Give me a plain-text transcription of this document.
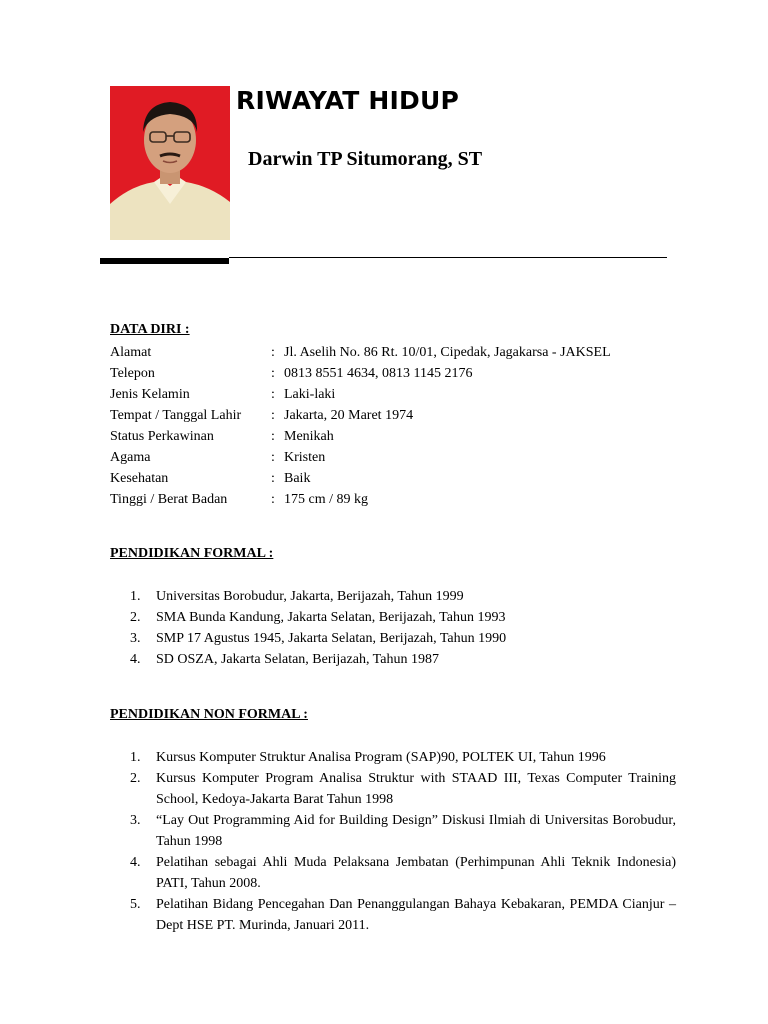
RIWAYAT HIDUP
Darwin TP Situmorang, ST
DATA DIRI :
Alamat	: Jl. Aselih No. 86 Rt. 10/01, Cipedak, Jagakarsa - JAKSEL
Telepon	: 0813 8551 4634, 0813 1145 2176
Jenis Kelamin	: Laki-laki
Tempat / Tanggal Lahir : Jakarta, 20 Maret 1974
Status Perkawinan	: Menikah
Agama	: Kristen
Kesehatan	: Baik
Tinggi / Berat Badan	: 175 cm / 89 kg
PENDIDIKAN FORMAL :
1. Universitas Borobudur, Jakarta, Berijazah, Tahun 1999
2. SMA Bunda Kandung, Jakarta Selatan, Berijazah, Tahun 1993
3. SMP 17 Agustus 1945, Jakarta Selatan, Berijazah, Tahun 1990
4. SD OSZA, Jakarta Selatan, Berijazah, Tahun 1987
PENDIDIKAN NON FORMAL :
1. Kursus Komputer Struktur Analisa Program (SAP)90, POLTEK UI, Tahun 1996
2. Kursus Komputer Program Analisa Struktur with STAAD III, Texas Computer Training School, Kedoya-Jakarta Barat Tahun 1998
3. “Lay Out Programming Aid for Building Design” Diskusi Ilmiah di Universitas Borobudur, Tahun 1998
4. Pelatihan sebagai Ahli Muda Pelaksana Jembatan (Perhimpunan Ahli Teknik Indonesia) PATI, Tahun 2008.
5. Pelatihan Bidang Pencegahan Dan Penanggulangan Bahaya Kebakaran, PEMDA Cianjur – Dept HSE PT. Murinda, Januari 2011.
